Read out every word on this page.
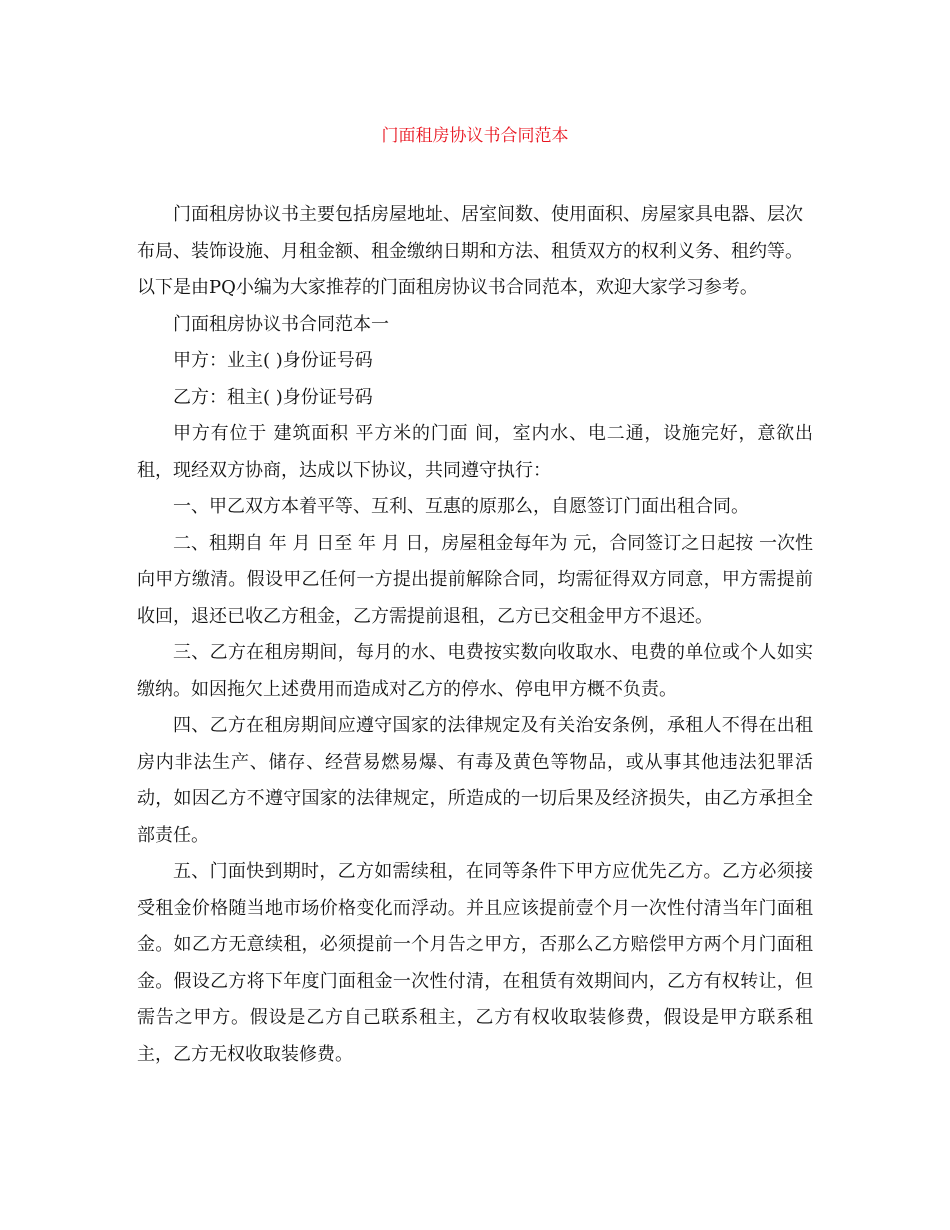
门面租房协议书合同范本

门面租房协议书主要包括房屋地址、居室间数、使用面积、房屋家具电器、层次布局、装饰设施、月租金额、租金缴纳日期和方法、租赁双方的权利义务、租约等。以下是由PQ小编为大家推荐的门面租房协议书合同范本，欢迎大家学习参考。

门面租房协议书合同范本一

甲方：业主( )身份证号码

乙方：租主( )身份证号码

甲方有位于 建筑面积 平方米的门面 间，室内水、电二通，设施完好，意欲出租，现经双方协商，达成以下协议，共同遵守执行：

一、甲乙双方本着平等、互利、互惠的原那么，自愿签订门面出租合同。

二、租期自 年 月 日至 年 月 日，房屋租金每年为 元，合同签订之日起按 一次性向甲方缴清。假设甲乙任何一方提出提前解除合同，均需征得双方同意，甲方需提前收回，退还已收乙方租金，乙方需提前退租，乙方已交租金甲方不退还。

三、乙方在租房期间，每月的水、电费按实数向收取水、电费的单位或个人如实缴纳。如因拖欠上述费用而造成对乙方的停水、停电甲方概不负责。

四、乙方在租房期间应遵守国家的法律规定及有关治安条例，承租人不得在出租房内非法生产、储存、经营易燃易爆、有毒及黄色等物品，或从事其他违法犯罪活动，如因乙方不遵守国家的法律规定，所造成的一切后果及经济损失，由乙方承担全部责任。

五、门面快到期时，乙方如需续租，在同等条件下甲方应优先乙方。乙方必须接受租金价格随当地市场价格变化而浮动。并且应该提前壹个月一次性付清当年门面租金。如乙方无意续租，必须提前一个月告之甲方，否那么乙方赔偿甲方两个月门面租金。假设乙方将下年度门面租金一次性付清，在租赁有效期间内，乙方有权转让，但需告之甲方。假设是乙方自己联系租主，乙方有权收取装修费，假设是甲方联系租主，乙方无权收取装修费。
